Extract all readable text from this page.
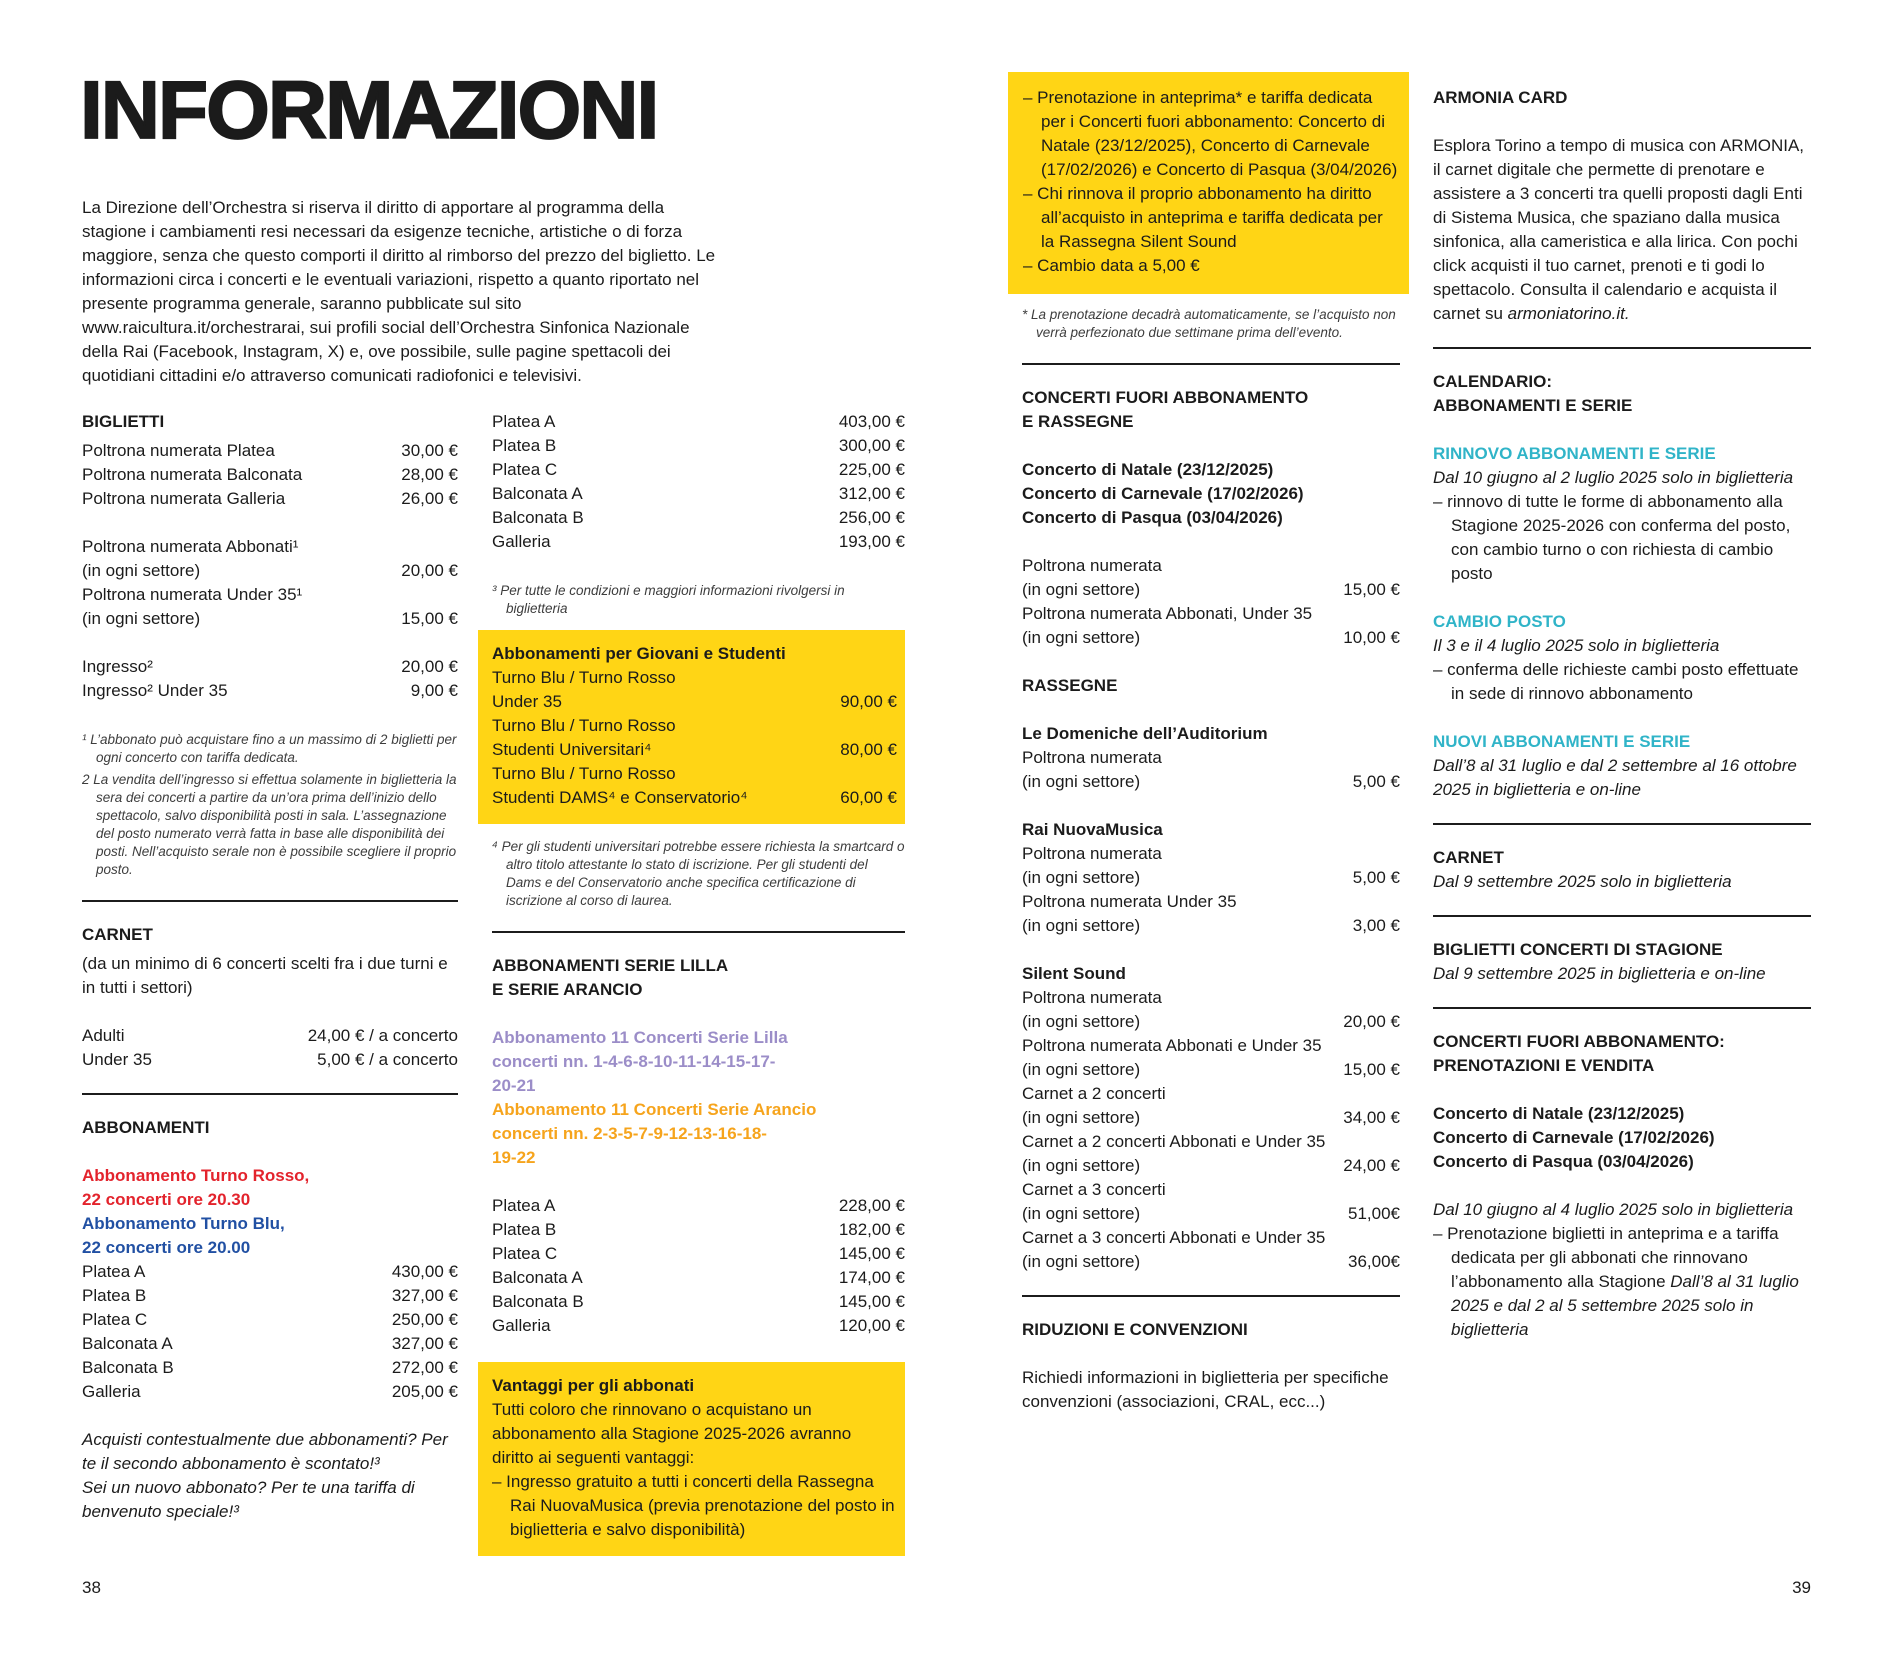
INFORMAZIONI

La Direzione dell’Orchestra si riserva il diritto di apportare al programma della stagione i cambiamenti resi necessari da esigenze tecniche, artistiche o di forza maggiore, senza che questo comporti il diritto al rimborso del prezzo del biglietto. Le informazioni circa i concerti e le eventuali variazioni, rispetto a quanto riportato nel presente programma generale, saranno pubblicate sul sito www.raicultura.it/orchestrarai, sui profili social dell’Orchestra Sinfonica Nazionale della Rai (Facebook, Instagram, X) e, ove possibile, sulle pagine spettacoli dei quotidiani cittadini e/o attraverso comunicati radiofonici e televisivi.

BIGLIETTI
Poltrona numerata Platea	30,00 €
Poltrona numerata Balconata	28,00 €
Poltrona numerata Galleria	26,00 €
Poltrona numerata Abbonati¹
(in ogni settore)	20,00 €
Poltrona numerata Under 35¹
(in ogni settore)	15,00 €
Ingresso²	20,00 €
Ingresso² Under 35	9,00 €
¹ L’abbonato può acquistare fino a un massimo di 2 biglietti per ogni concerto con tariffa dedicata.
2 La vendita dell’ingresso si effettua solamente in biglietteria la sera dei concerti a partire da un’ora prima dell’inizio dello spettacolo, salvo disponibilità posti in sala. L’assegnazione del posto numerato verrà fatta in base alle disponibilità dei posti. Nell’acquisto serale non è possibile scegliere il proprio posto.
CARNET
(da un minimo di 6 concerti scelti fra i due turni e in tutti i settori)
Adulti	24,00 € / a concerto
Under 35	5,00 € / a concerto
ABBONAMENTI
Abbonamento Turno Rosso,
22 concerti ore 20.30
Abbonamento Turno Blu,
22 concerti ore 20.00
Platea A	430,00 €
Platea B	327,00 €
Platea C	250,00 €
Balconata A	327,00 €
Balconata B	272,00 €
Galleria	205,00 €
Acquisti contestualmente due abbonamenti? Per te il secondo abbonamento è scontato!³
Sei un nuovo abbonato? Per te una tariffa di benvenuto speciale!³
Platea A	403,00 €
Platea B	300,00 €
Platea C	225,00 €
Balconata A	312,00 €
Balconata B	256,00 €
Galleria	193,00 €
³ Per tutte le condizioni e maggiori informazioni rivolgersi in biglietteria
Abbonamenti per Giovani e Studenti
Turno Blu / Turno Rosso
Under 35	90,00 €
Turno Blu / Turno Rosso
Studenti Universitari⁴	80,00 €
Turno Blu / Turno Rosso
Studenti DAMS⁴ e Conservatorio⁴	60,00 €
⁴ Per gli studenti universitari potrebbe essere richiesta la smartcard o altro titolo attestante lo stato di iscrizione. Per gli studenti del Dams e del Conservatorio anche specifica certificazione di iscrizione al corso di laurea.
ABBONAMENTI SERIE LILLA
E SERIE ARANCIO
Abbonamento 11 Concerti Serie Lilla
concerti nn. 1-4-6-8-10-11-14-15-17-
20-21
Abbonamento 11 Concerti Serie Arancio
concerti nn. 2-3-5-7-9-12-13-16-18-
19-22
Platea A	228,00 €
Platea B	182,00 €
Platea C	145,00 €
Balconata A	174,00 €
Balconata B	145,00 €
Galleria	120,00 €
Vantaggi per gli abbonati
Tutti coloro che rinnovano o acquistano un abbonamento alla Stagione 2025-2026 avranno diritto ai seguenti vantaggi:
– Ingresso gratuito a tutti i concerti della Rassegna Rai NuovaMusica (previa prenotazione del posto in biglietteria e salvo disponibilità)
– Prenotazione in anteprima* e tariffa dedicata per i Concerti fuori abbonamento: Concerto di Natale (23/12/2025), Concerto di Carnevale (17/02/2026) e Concerto di Pasqua (3/04/2026)
– Chi rinnova il proprio abbonamento ha diritto all’acquisto in anteprima e tariffa dedicata per la Rassegna Silent Sound
– Cambio data a 5,00 €
* La prenotazione decadrà automaticamente, se l’acquisto non verrà perfezionato due settimane prima dell’evento.
CONCERTI FUORI ABBONAMENTO
E RASSEGNE
Concerto di Natale (23/12/2025)
Concerto di Carnevale (17/02/2026)
Concerto di Pasqua (03/04/2026)
Poltrona numerata
(in ogni settore)	15,00 €
Poltrona numerata Abbonati, Under 35
(in ogni settore)	10,00 €
RASSEGNE
Le Domeniche dell’Auditorium
Poltrona numerata
(in ogni settore)	5,00 €
Rai NuovaMusica
Poltrona numerata
(in ogni settore)	5,00 €
Poltrona numerata Under 35
(in ogni settore)	3,00 €
Silent Sound
Poltrona numerata
(in ogni settore)	20,00 €
Poltrona numerata Abbonati e Under 35
(in ogni settore)	15,00 €
Carnet a 2 concerti
(in ogni settore)	34,00 €
Carnet a 2 concerti Abbonati e Under 35
(in ogni settore)	24,00 €
Carnet a 3 concerti
(in ogni settore)	51,00€
Carnet a 3 concerti Abbonati e Under 35
(in ogni settore)	36,00€
RIDUZIONI E CONVENZIONI
Richiedi informazioni in biglietteria per specifiche convenzioni (associazioni, CRAL, ecc...)
ARMONIA CARD

Esplora Torino a tempo di musica con ARMONIA, il carnet digitale che permette di prenotare e assistere a 3 concerti tra quelli proposti dagli Enti di Sistema Musica, che spaziano dalla musica sinfonica, alla cameristica e alla lirica. Con pochi click acquisti il tuo carnet, prenoti e ti godi lo spettacolo. Consulta il calendario e acquista il carnet su armoniatorino.it.

CALENDARIO:
ABBONAMENTI E SERIE
RINNOVO ABBONAMENTI E SERIE
Dal 10 giugno al 2 luglio 2025 solo in biglietteria
– rinnovo di tutte le forme di abbonamento alla Stagione 2025-2026 con conferma del posto, con cambio turno o con richiesta di cambio posto
CAMBIO POSTO
Il 3 e il 4 luglio 2025 solo in biglietteria
– conferma delle richieste cambi posto effettuate in sede di rinnovo abbonamento
NUOVI ABBONAMENTI E SERIE
Dall’8 al 31 luglio e dal 2 settembre al 16 ottobre 2025 in biglietteria e on-line
CARNET
Dal 9 settembre 2025 solo in biglietteria
BIGLIETTI CONCERTI DI STAGIONE
Dal 9 settembre 2025 in biglietteria e on-line
CONCERTI FUORI ABBONAMENTO:
PRENOTAZIONI E VENDITA
Concerto di Natale (23/12/2025)
Concerto di Carnevale (17/02/2026)
Concerto di Pasqua (03/04/2026)
Dal 10 giugno al 4 luglio 2025 solo in biglietteria
– Prenotazione biglietti in anteprima e a tariffa dedicata per gli abbonati che rinnovano l’abbonamento alla Stagione Dall’8 al 31 luglio 2025 e dal 2 al 5 settembre 2025 solo in biglietteria
38	39
